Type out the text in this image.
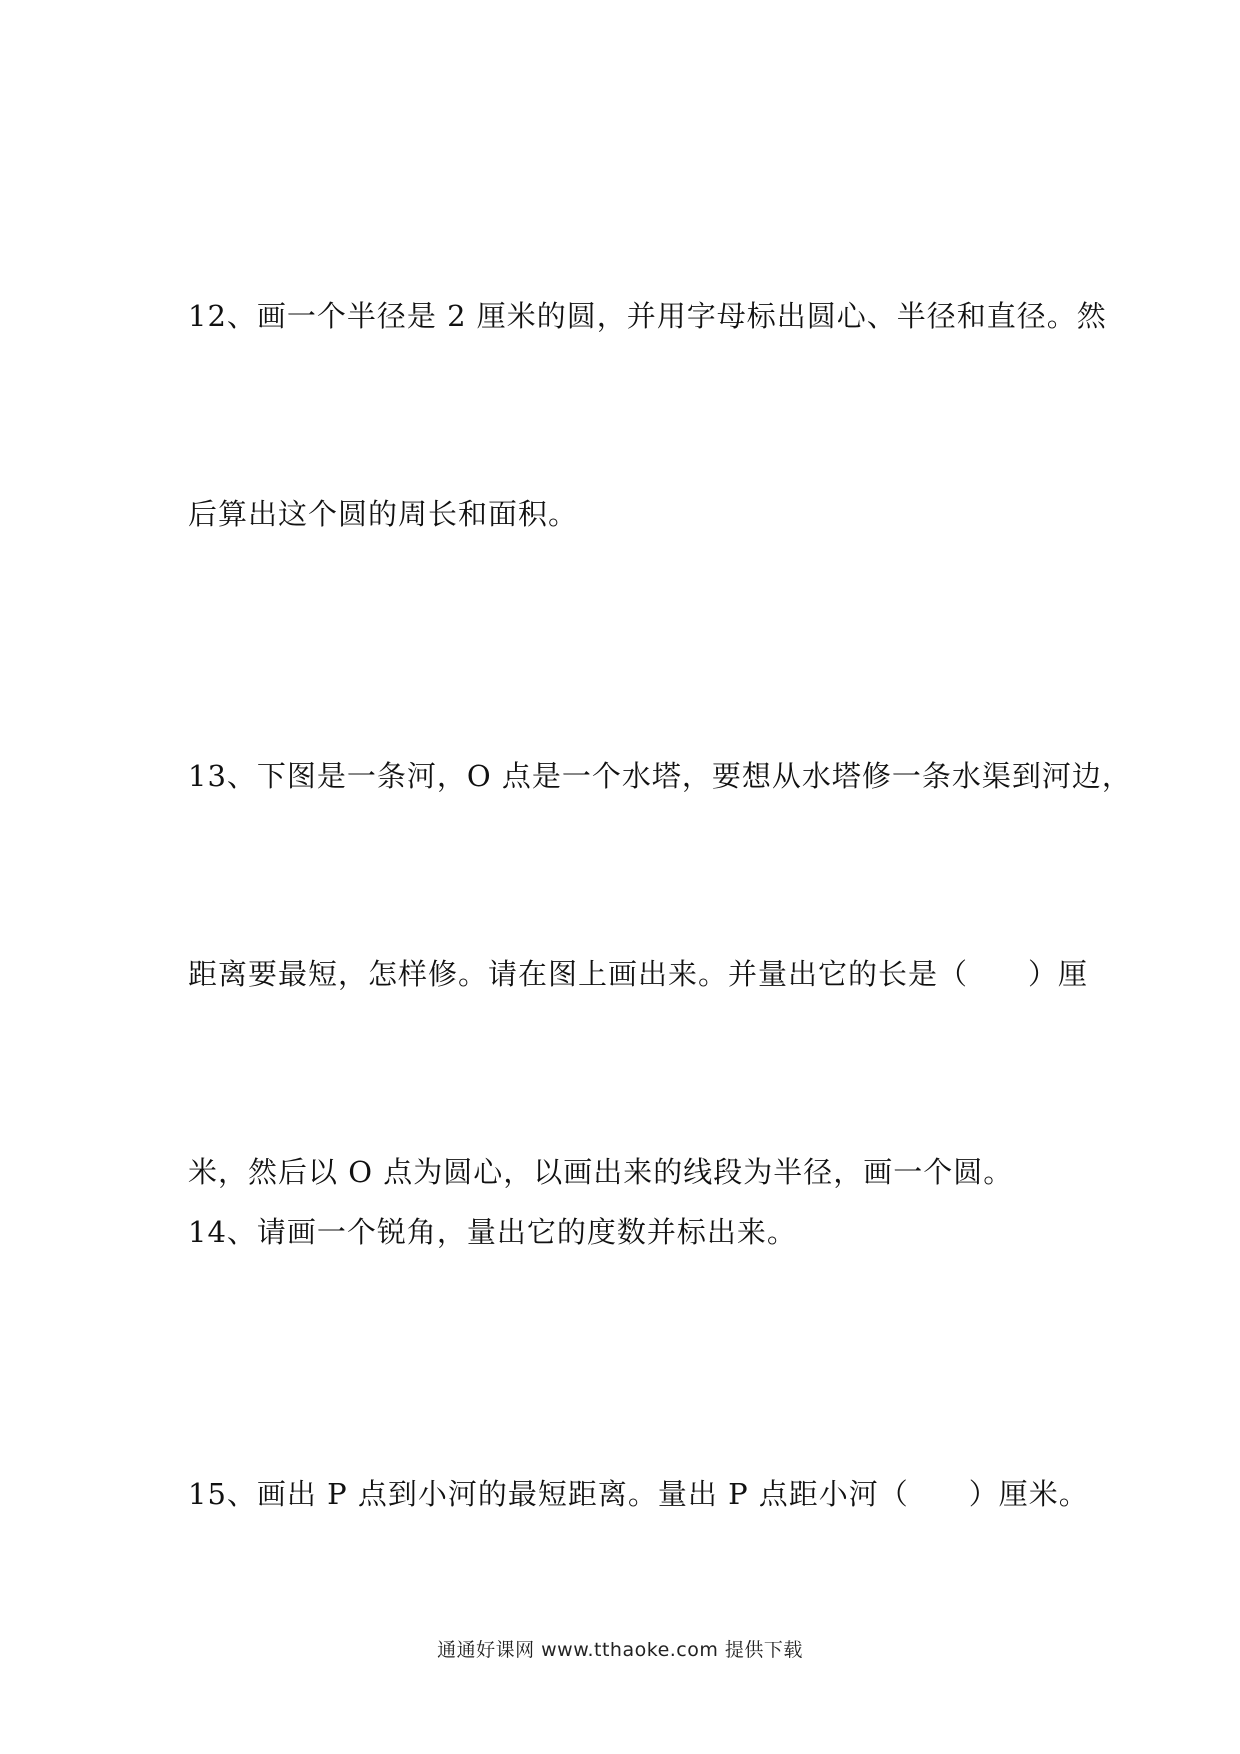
12、画一个半径是 2 厘米的圆，并用字母标出圆心、半径和直径。然

后算出这个圆的周长和面积。

13、下图是一条河，O 点是一个水塔，要想从水塔修一条水渠到河边，

距离要最短，怎样修。请在图上画出来。并量出它的长是（　　）厘

米，然后以 O 点为圆心，以画出来的线段为半径，画一个圆。

14、请画一个锐角，量出它的度数并标出来。

15、画出 P 点到小河的最短距离。量出 P 点距小河（　　）厘米。

通通好课网 www.tthaoke.com 提供下载
